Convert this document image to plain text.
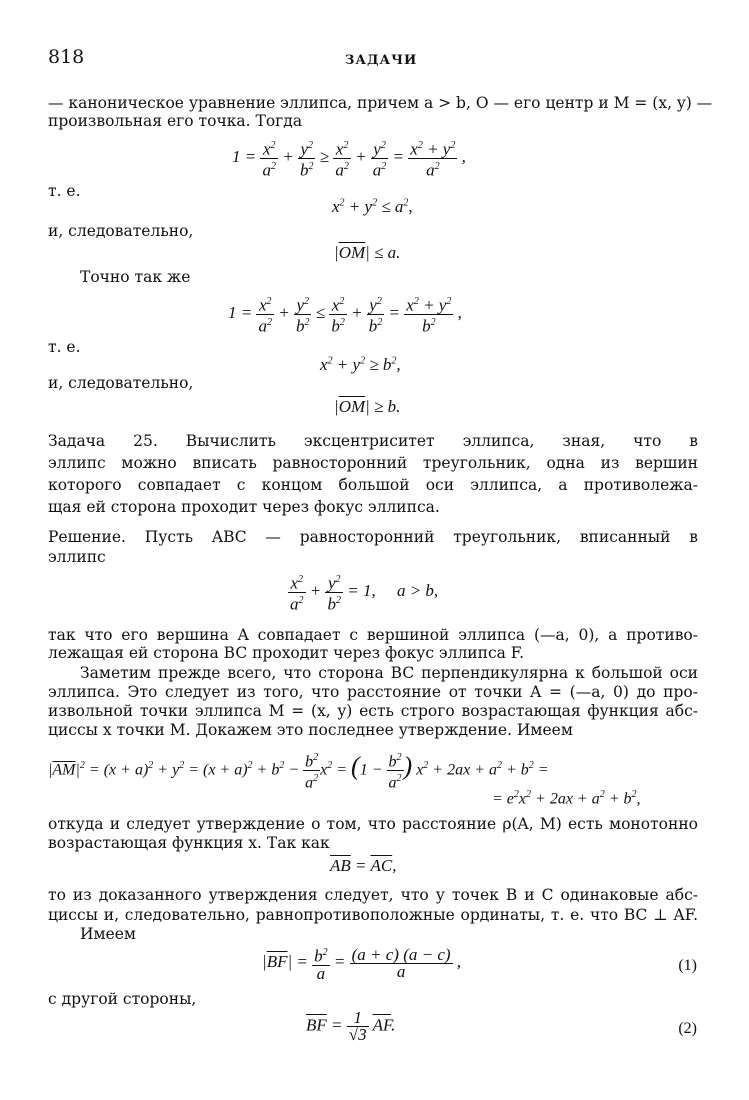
818	ЗАДАЧИ
— каноническое уравнение эллипса, причем a > b, O — его центр и M = (x, y) —
произвольная его точка. Тогда
$1 = \frac{x^2}{a^2} + \frac{y^2}{b^2} \ge \frac{x^2}{a^2} + \frac{y^2}{a^2} = \frac{x^2 + y^2}{a^2}$ ,
т. е.
$x^2 + y^2 \le a^2$,
и, следовательно,
$|\overline{OM}| \le a$.
Точно так же
$1 = \frac{x^2}{a^2} + \frac{y^2}{b^2} \le \frac{x^2}{b^2} + \frac{y^2}{b^2} = \frac{x^2 + y^2}{b^2}$ ,
т. е.
$x^2 + y^2 \ge b^2$,
и, следовательно,
$|\overline{OM}| \ge b$.
Задача 25. Вычислить эксцентриситет эллипса, зная, что в
эллипс можно вписать равносторонний треугольник, одна из вершин
которого совпадает с концом большой оси эллипса, а противолежа-
щая ей сторона проходит через фокус эллипса.
Решение. Пусть ABC — равносторонний треугольник, вписанный в
эллипс
$\frac{x^2}{a^2} + \frac{y^2}{b^2} = 1$,     a > b,
так что его вершина A совпадает с вершиной эллипса (—a, 0), а противо-
лежащая ей сторона BC проходит через фокус эллипса F.
Заметим прежде всего, что сторона BC перпендикулярна к большой оси
эллипса. Это следует из того, что расстояние от точки A = (—a, 0) до про-
извольной точки эллипса M = (x, y) есть строго возрастающая функция абс-
циссы x точки M. Докажем это последнее утверждение. Имеем
$|\overline{AM}|^2 = (x + a)^2 + y^2 = (x + a)^2 + b^2 - \frac{b^2}{a^2} x^2 = (1 - \frac{b^2}{a^2}$ ) $x^2 + 2ax + a^2 + b^2$ =
= $e^2x^2 + 2ax + a^2 + b^2$,
откуда и следует утверждение о том, что расстояние ρ(A, M) есть монотонно
возрастающая функция x. Так как
$\overline{AB} = \overline{AC}$,
то из доказанного утверждения следует, что у точек B и C одинаковые абс-
циссы и, следовательно, равнопротивоположные ординаты, т. е. что BC ⊥ AF.
Имеем
$|\overline{BF}| = \frac{b^2}{a} = \frac{(a + c) (a - c)}{a}$ ,	(1)
с другой стороны,
$\overline{BF} = \frac{1}{√3} \overline{AF}$.	(2)
